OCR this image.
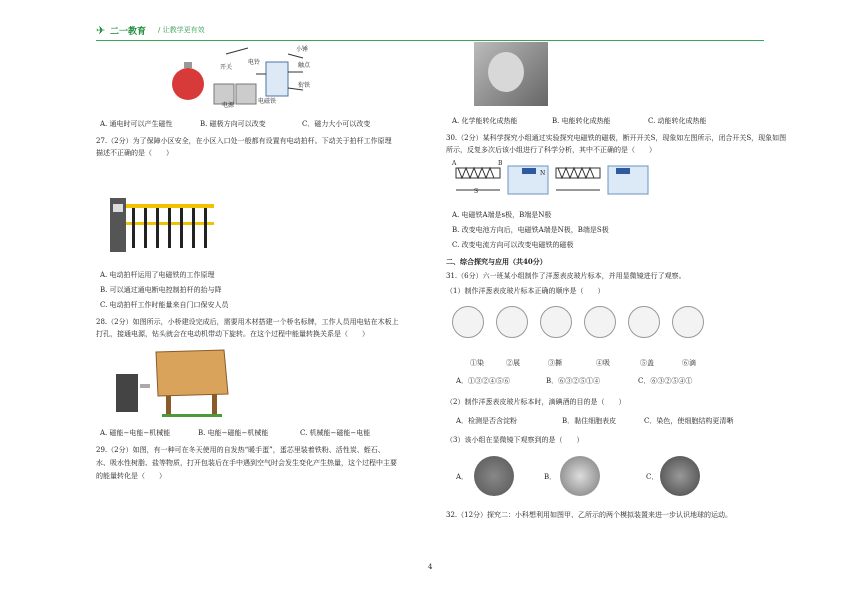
✈ 二一教育 / 让教学更有效
开关
电铃
小锤
触点
衔铁
电源
电磁铁
A. 通电时可以产生磁性	B. 磁极方向可以改变	C．磁力大小可以改变
27.（2分）为了保障小区安全，在小区入口处一般都有设置有电动拍杆。下动关于拍杆工作原理
描述不正确的是（　　）
A. 电动拍杆运用了电磁铁的工作原理
B. 可以通过通电断电控制拍杆的抬与降
C. 电动拍杆工作时能量来自门口保安人员
28.（2分）如图所示，小桥建设完成后，需要用木材搭建一个桥名标牌，工作人员用电钻在木板上
打孔，接通电源，钻头就会在电动机带动下旋转。在这个过程中能量转换关系是（　　）
A. 磁能−电能−机械能	B. 电能−磁能−机械能	C. 机械能−磁能−电能
29.（2分）如图，有一种可在冬天使用的自发热“暖手蛋”，蛋芯里装着铁粉、活性炭、蛭石、
水、吸水性树脂、盐等物质，打开包装后在手中遇到空气时会发生变化产生热量，这个过程中主要
的能量转化是（　　）
A. 化学能转化成热能	B. 电能转化成热能	C. 动能转化成热能
30.（2分）某科学探究小组通过实验探究电磁铁的磁极，断开开关S，现象如左图所示，闭合开关S，现象如图
所示，反复多次后该小组进行了科学分析，其中不正确的是（　　）
A	B
S
N
A. 电磁铁A端是s极，B端是N极
B. 改变电池方向后，电磁铁A端是N极，B端是S极
C. 改变电流方向可以改变电磁铁的磁极
二、综合探究与应用（共40分）
31.（6分）六一班某小组制作了洋葱表皮玻片标本，并用显微镜进行了观察。
（1）制作洋葱表皮玻片标本正确的顺序是（　　）
①染	②展	③撕	④吸	⑤盖	⑥滴
A．①③②④⑤⑥	B．⑥③②⑤①④	C．⑥③②⑤④①
（2）制作洋葱表皮玻片标本时，滴碘酒的目的是（　　）
A．检测是否含淀粉	B．黏住细胞表皮	C．染色，使细胞结构更清晰
（3）该小组在显微镜下观察到的是（　　）
A．	B．	C．
32.（12分）探究二：小科想利用如图甲、乙所示的两个模拟装置来进一步认识地球的运动。
4
